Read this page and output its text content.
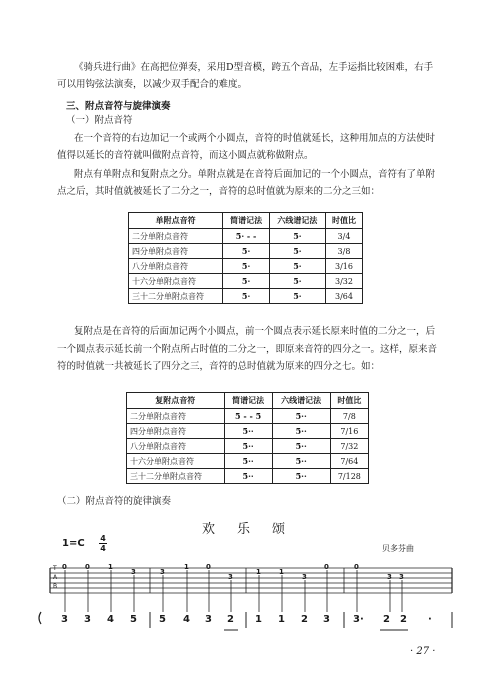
《骑兵进行曲》在高把位弹奏，采用D型音模，跨五个音品，左手运指比较困难，右手
可以用钩弦法演奏，以减少双手配合的难度。
三、附点音符与旋律演奏
（一）附点音符
在一个音符的右边加记一个或两个小圆点，音符的时值就延长，这种用加点的方法使时
值得以延长的音符就叫做附点音符，而这小圆点就称做附点。
附点有单附点和复附点之分。单附点就是在音符后面加记的一个小圆点，音符有了单附
点之后，其时值就被延长了二分之一，音符的总时值就为原来的二分之三如：
单附点音符	简谱记法	六线谱记法	时值比
二分单附点音符	5· - -	5·	3/4
四分单附点音符	5·	5·	3/8
八分单附点音符	5·	5·	3/16
十六分单附点音符	5·	5·	3/32
三十二分单附点音符	5·	5·	3/64
复附点是在音符的后面加记两个小圆点，前一个圆点表示延长原来时值的二分之一，后
一个圆点表示延长前一个附点所占时值的二分之一，即原来音符的四分之一。这样，原来音
符的时值就一共被延长了四分之三，音符的总时值就为原来的四分之七。如：
复附点音符	简谱记法	六线谱记法	时值比
二分单附点音符	5 - - 5	5··	7/8
四分单附点音符	5··	5··	7/16
八分单附点音符	5··	5··	7/32
十六分单附点音符	5··	5··	7/64
三十二分单附点音符	5··	5··	7/128
（二）附点音符的旋律演奏
欢乐颂
贝多芬曲
1=C 4
4
T
A
B
0	0	1
3	3
1 0
3
1	1
3
0	0
3 3
3 3 4 5 5 4 3 2 1 1 2 3 3· 2 2 ·
· 27 ·
